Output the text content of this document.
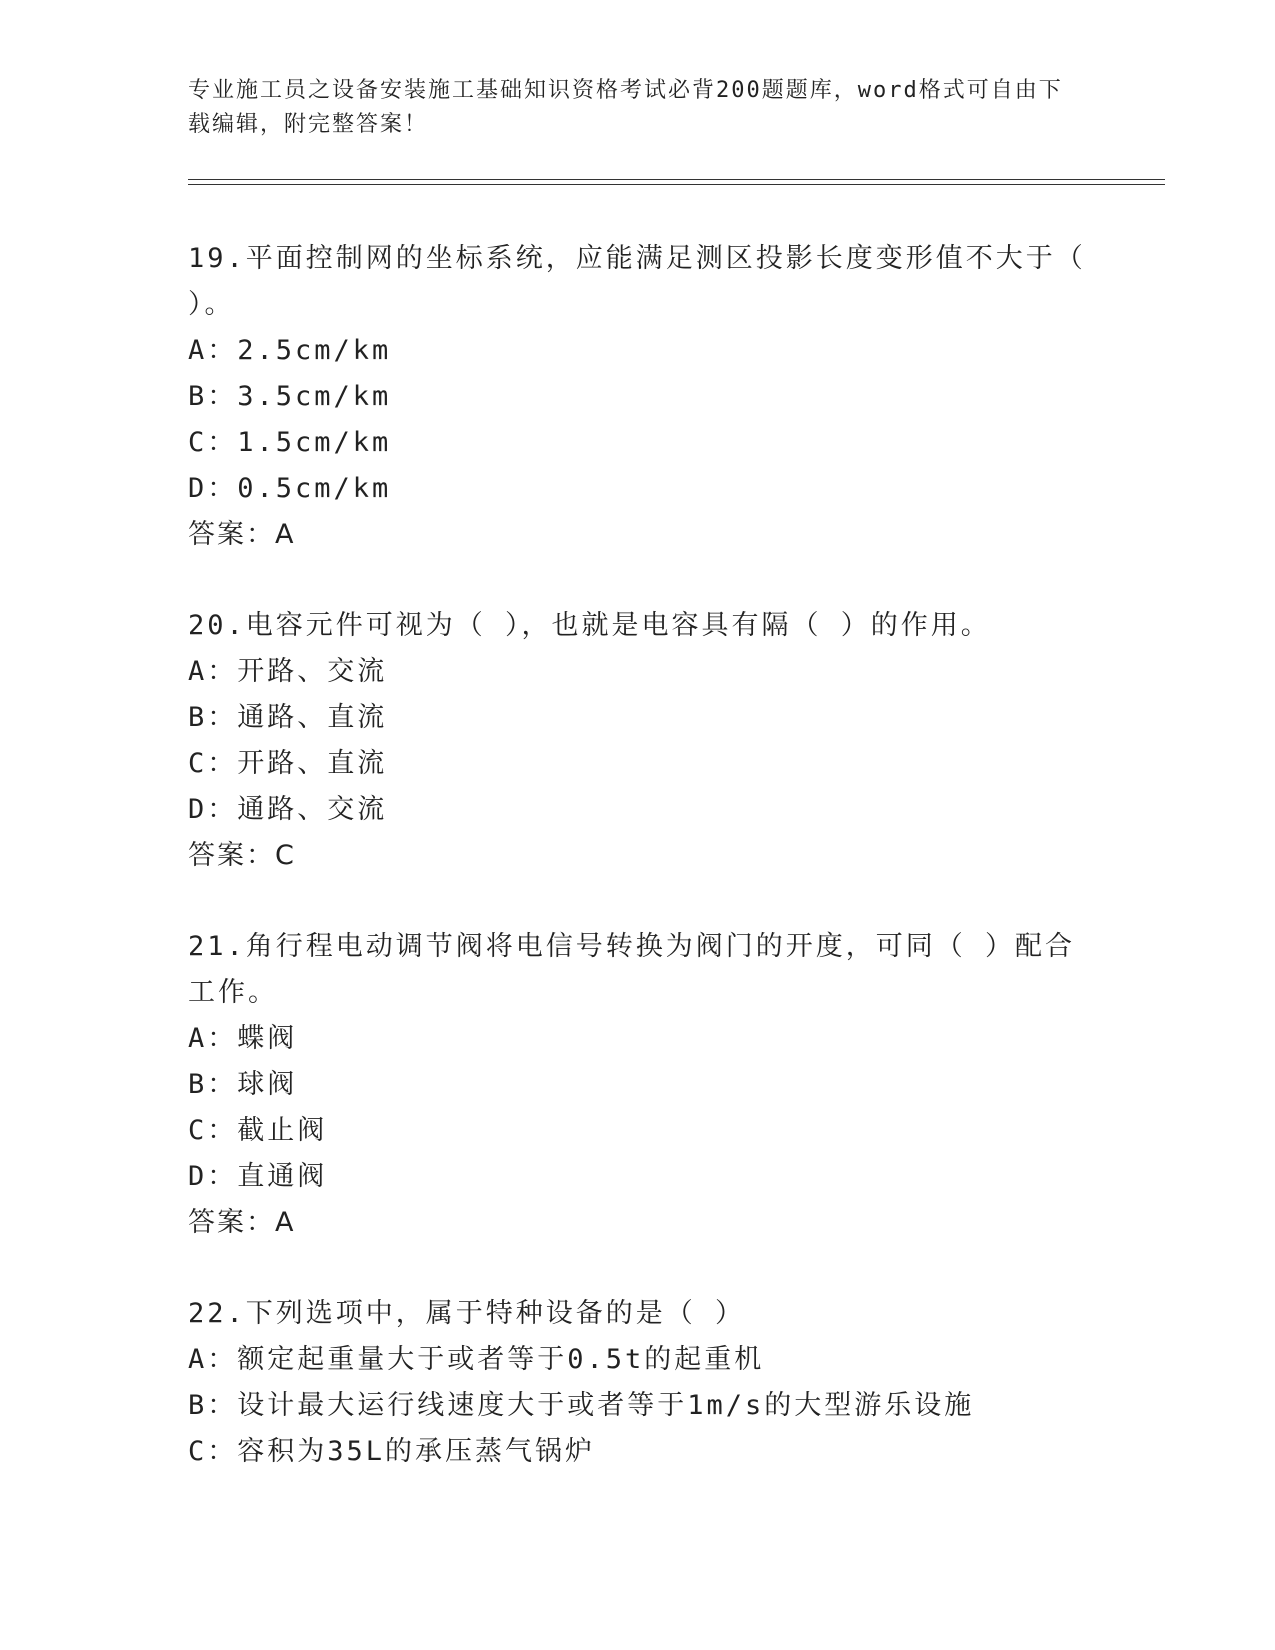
专业施工员之设备安装施工基础知识资格考试必背200题题库，word格式可自由下载编辑，附完整答案！
19.平面控制网的坐标系统，应能满足测区投影长度变形值不大于（ ）。
A：2.5cm/km
B：3.5cm/km
C：1.5cm/km
D：0.5cm/km
答案：A
20.电容元件可视为（ ），也就是电容具有隔（ ）的作用。
A：开路、交流
B：通路、直流
C：开路、直流
D：通路、交流
答案：C
21.角行程电动调节阀将电信号转换为阀门的开度，可同（ ）配合工作。
A：蝶阀
B：球阀
C：截止阀
D：直通阀
答案：A
22.下列选项中，属于特种设备的是（ ）
A：额定起重量大于或者等于0.5t的起重机
B：设计最大运行线速度大于或者等于1m/s的大型游乐设施
C：容积为35L的承压蒸气锅炉
